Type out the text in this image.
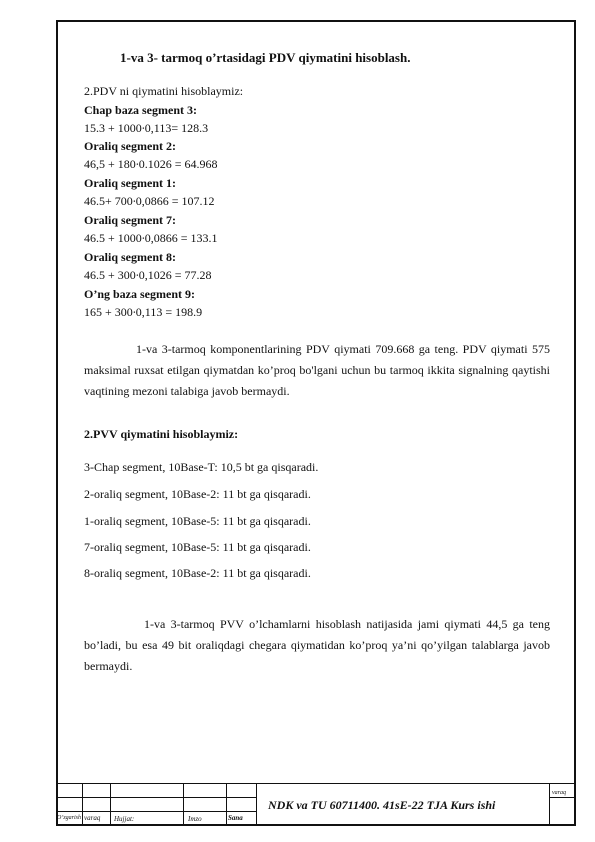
1-va 3- tarmoq o’rtasidagi PDV qiymatini hisoblash.
2.PDV ni qiymatini hisoblaymiz:
Chap baza segment 3:
15.3 + 1000∙0,113= 128.3
Oraliq segment 2:
46,5 + 180∙0.1026 = 64.968
Oraliq segment 1:
46.5+ 700∙0,0866 = 107.12
Oraliq segment 7:
46.5 + 1000∙0,0866 = 133.1
Oraliq segment 8:
46.5 + 300∙0,1026 = 77.28
O’ng baza segment 9:
165 + 300∙0,113 = 198.9
1-va 3-tarmoq komponentlarining PDV qiymati 709.668 ga teng. PDV qiymati 575 maksimal ruxsat etilgan qiymatdan ko’proq bo'lgani uchun bu tarmoq ikkita signalning qaytishi vaqtining mezoni talabiga javob bermaydi.
2.PVV qiymatini hisoblaymiz:
3-Chap segment, 10Base-T: 10,5 bt ga qisqaradi.
2-oraliq segment, 10Base-2: 11 bt ga qisqaradi.
1-oraliq segment, 10Base-5: 11 bt ga qisqaradi.
7-oraliq segment, 10Base-5: 11 bt ga qisqaradi.
8-oraliq segment, 10Base-2: 11 bt ga qisqaradi.
1-va 3-tarmoq PVV o’lchamlarni hisoblash natijasida jami qiymati 44,5 ga teng bo’ladi, bu esa 49 bit oraliqdagi chegara qiymatidan ko’proq ya’ni qo’yilgan talablarga javob bermaydi.
O’zgarish varaq Hujjat:	Imzo	Sana
NDK va TU 60711400. 41sE-22 TJA Kurs ishi
varaq
